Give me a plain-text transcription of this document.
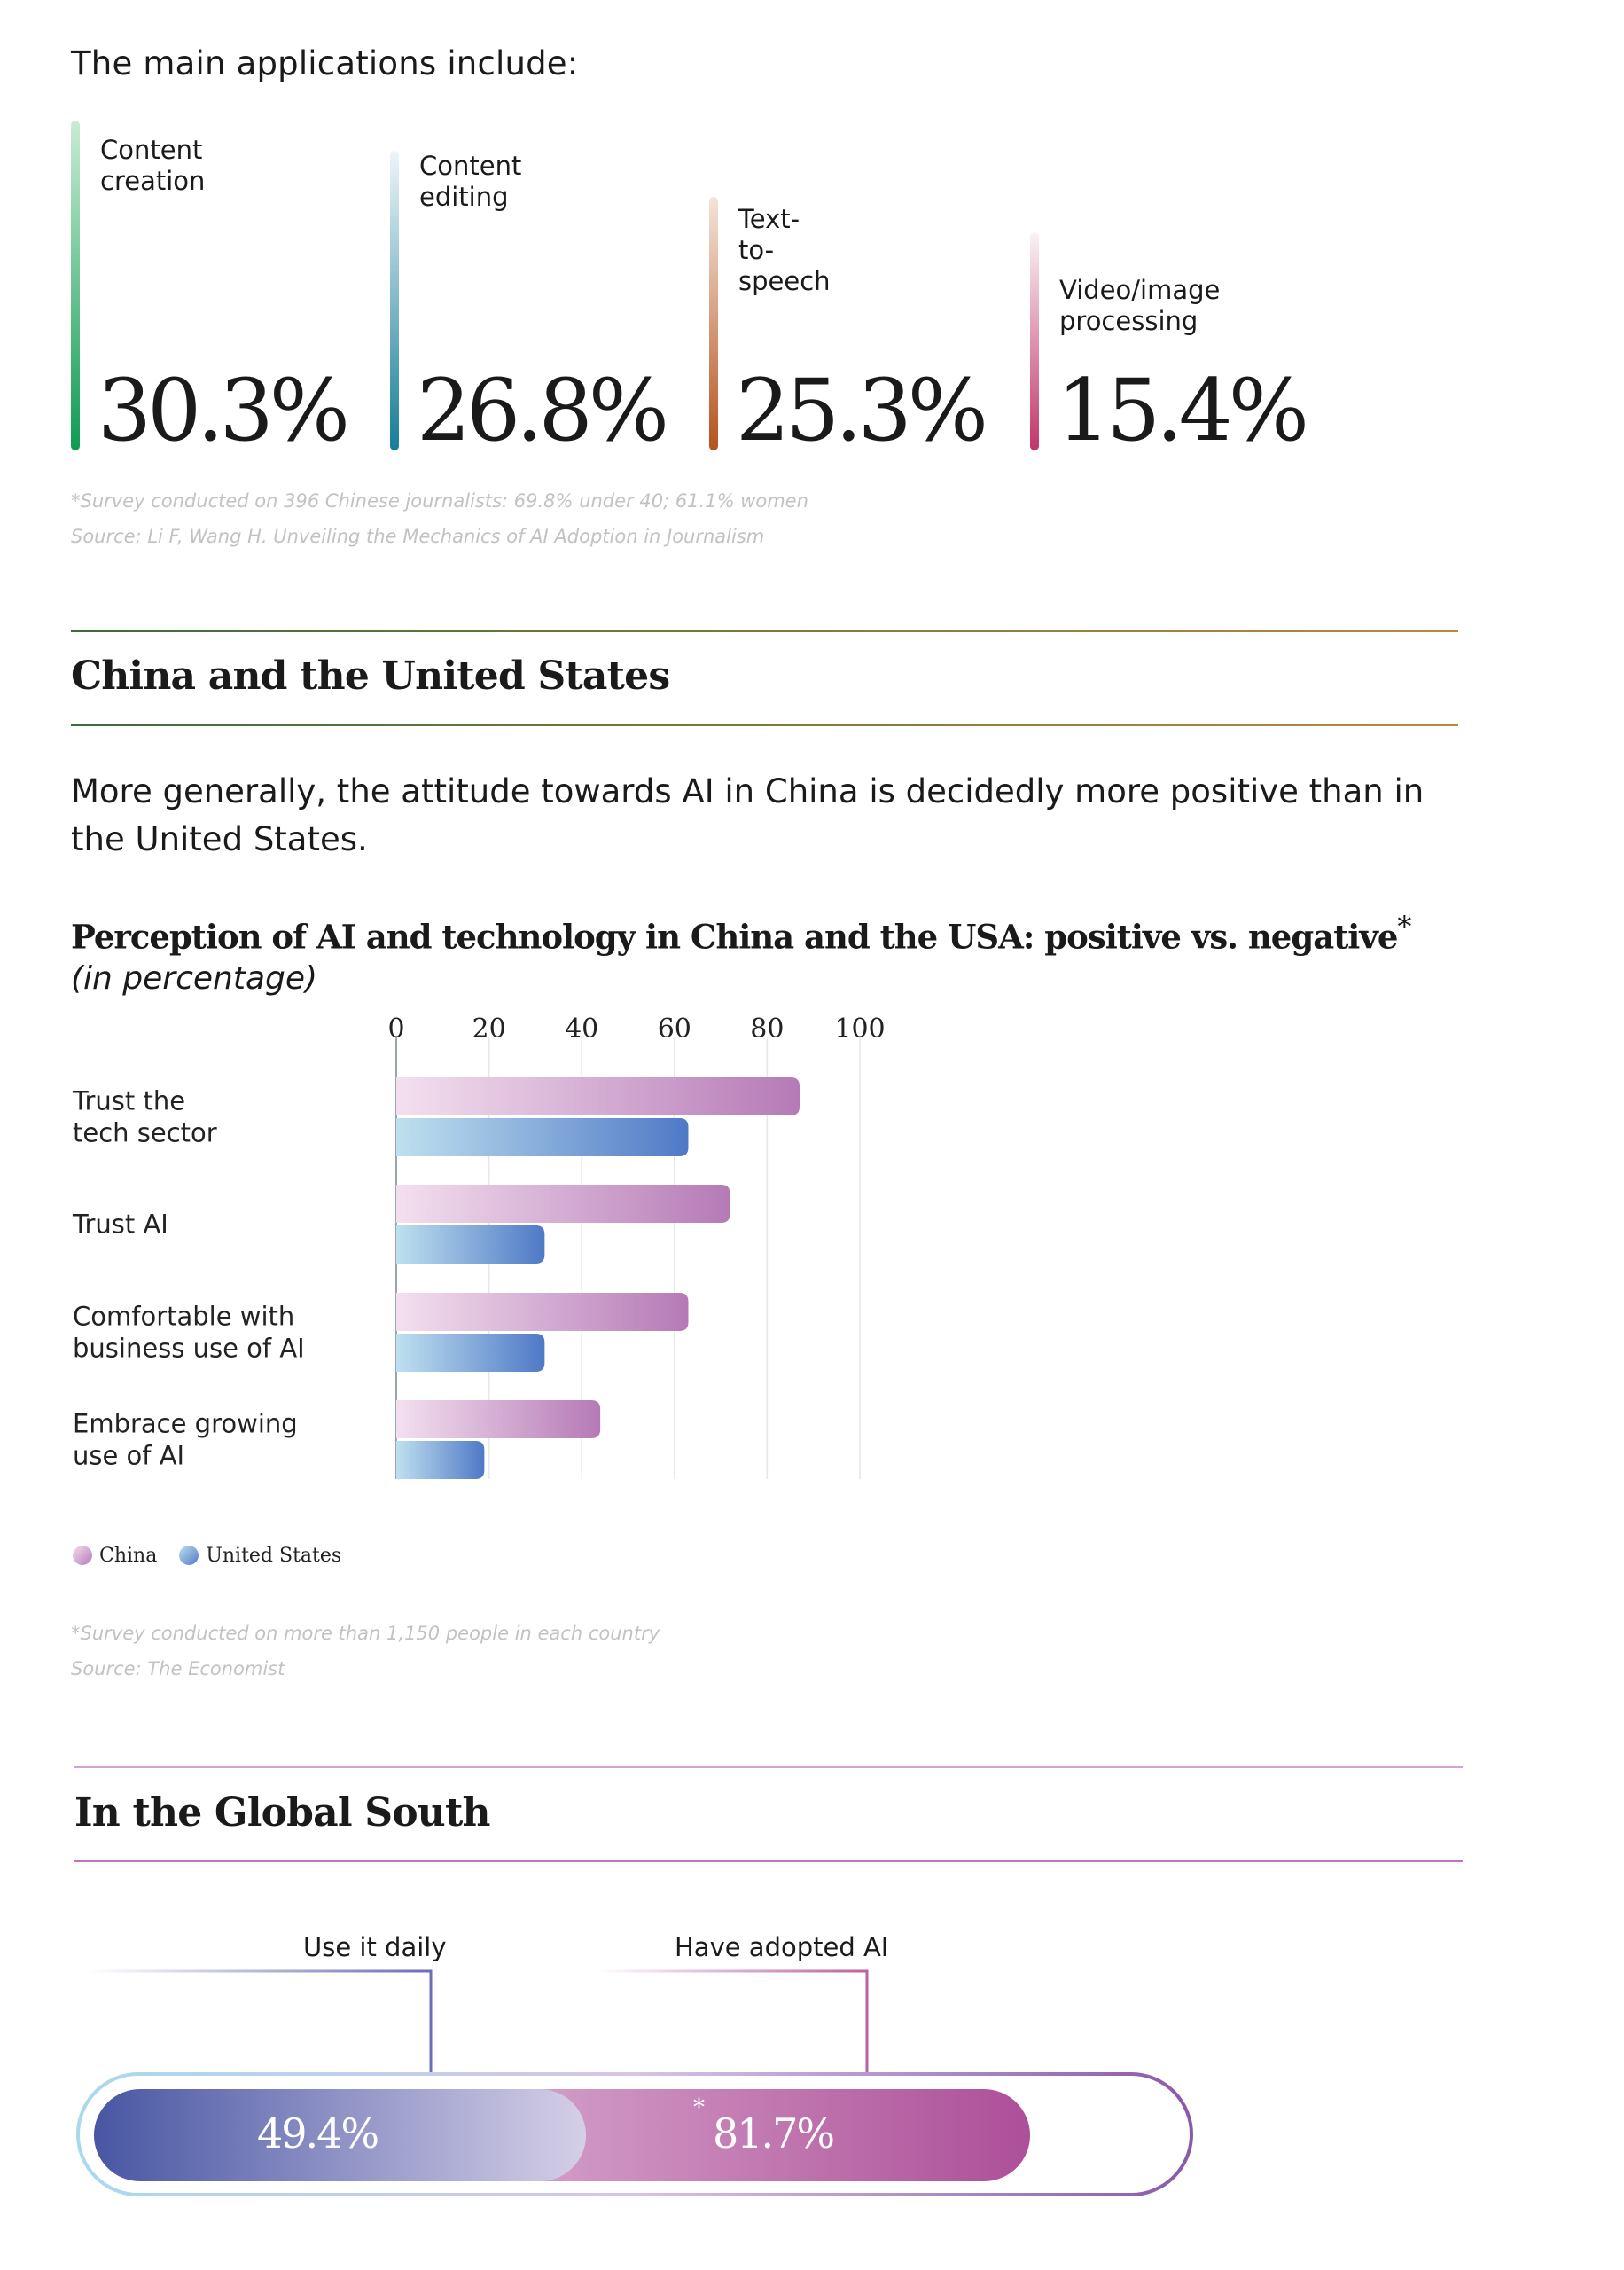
The main applications include:
Content
creation
30.3%
Content
editing
26.8%
Text-to-speech
25.3%
Video/image
processing
15.4%
*Survey conducted on 396 Chinese journalists: 69.8% under 40; 61.1% women
Source: Li F, Wang H. Unveiling the Mechanics of AI Adoption in Journalism
China and the United States
More generally, the attitude towards AI in China is decidedly more positive than in the United States.
Perception of AI and technology in China and the USA: positive vs. negative*
(in percentage)
0	20 40 60 80 100
Trust the tech sector
Trust AI
Comfortable with business use of AI
Embrace growing use of AI
China	United States
*Survey conducted on more than 1,150 people in each country
Source: The Economist
In the Global South
Use it daily	Have adopted AI
49.4%
*
81.7%
